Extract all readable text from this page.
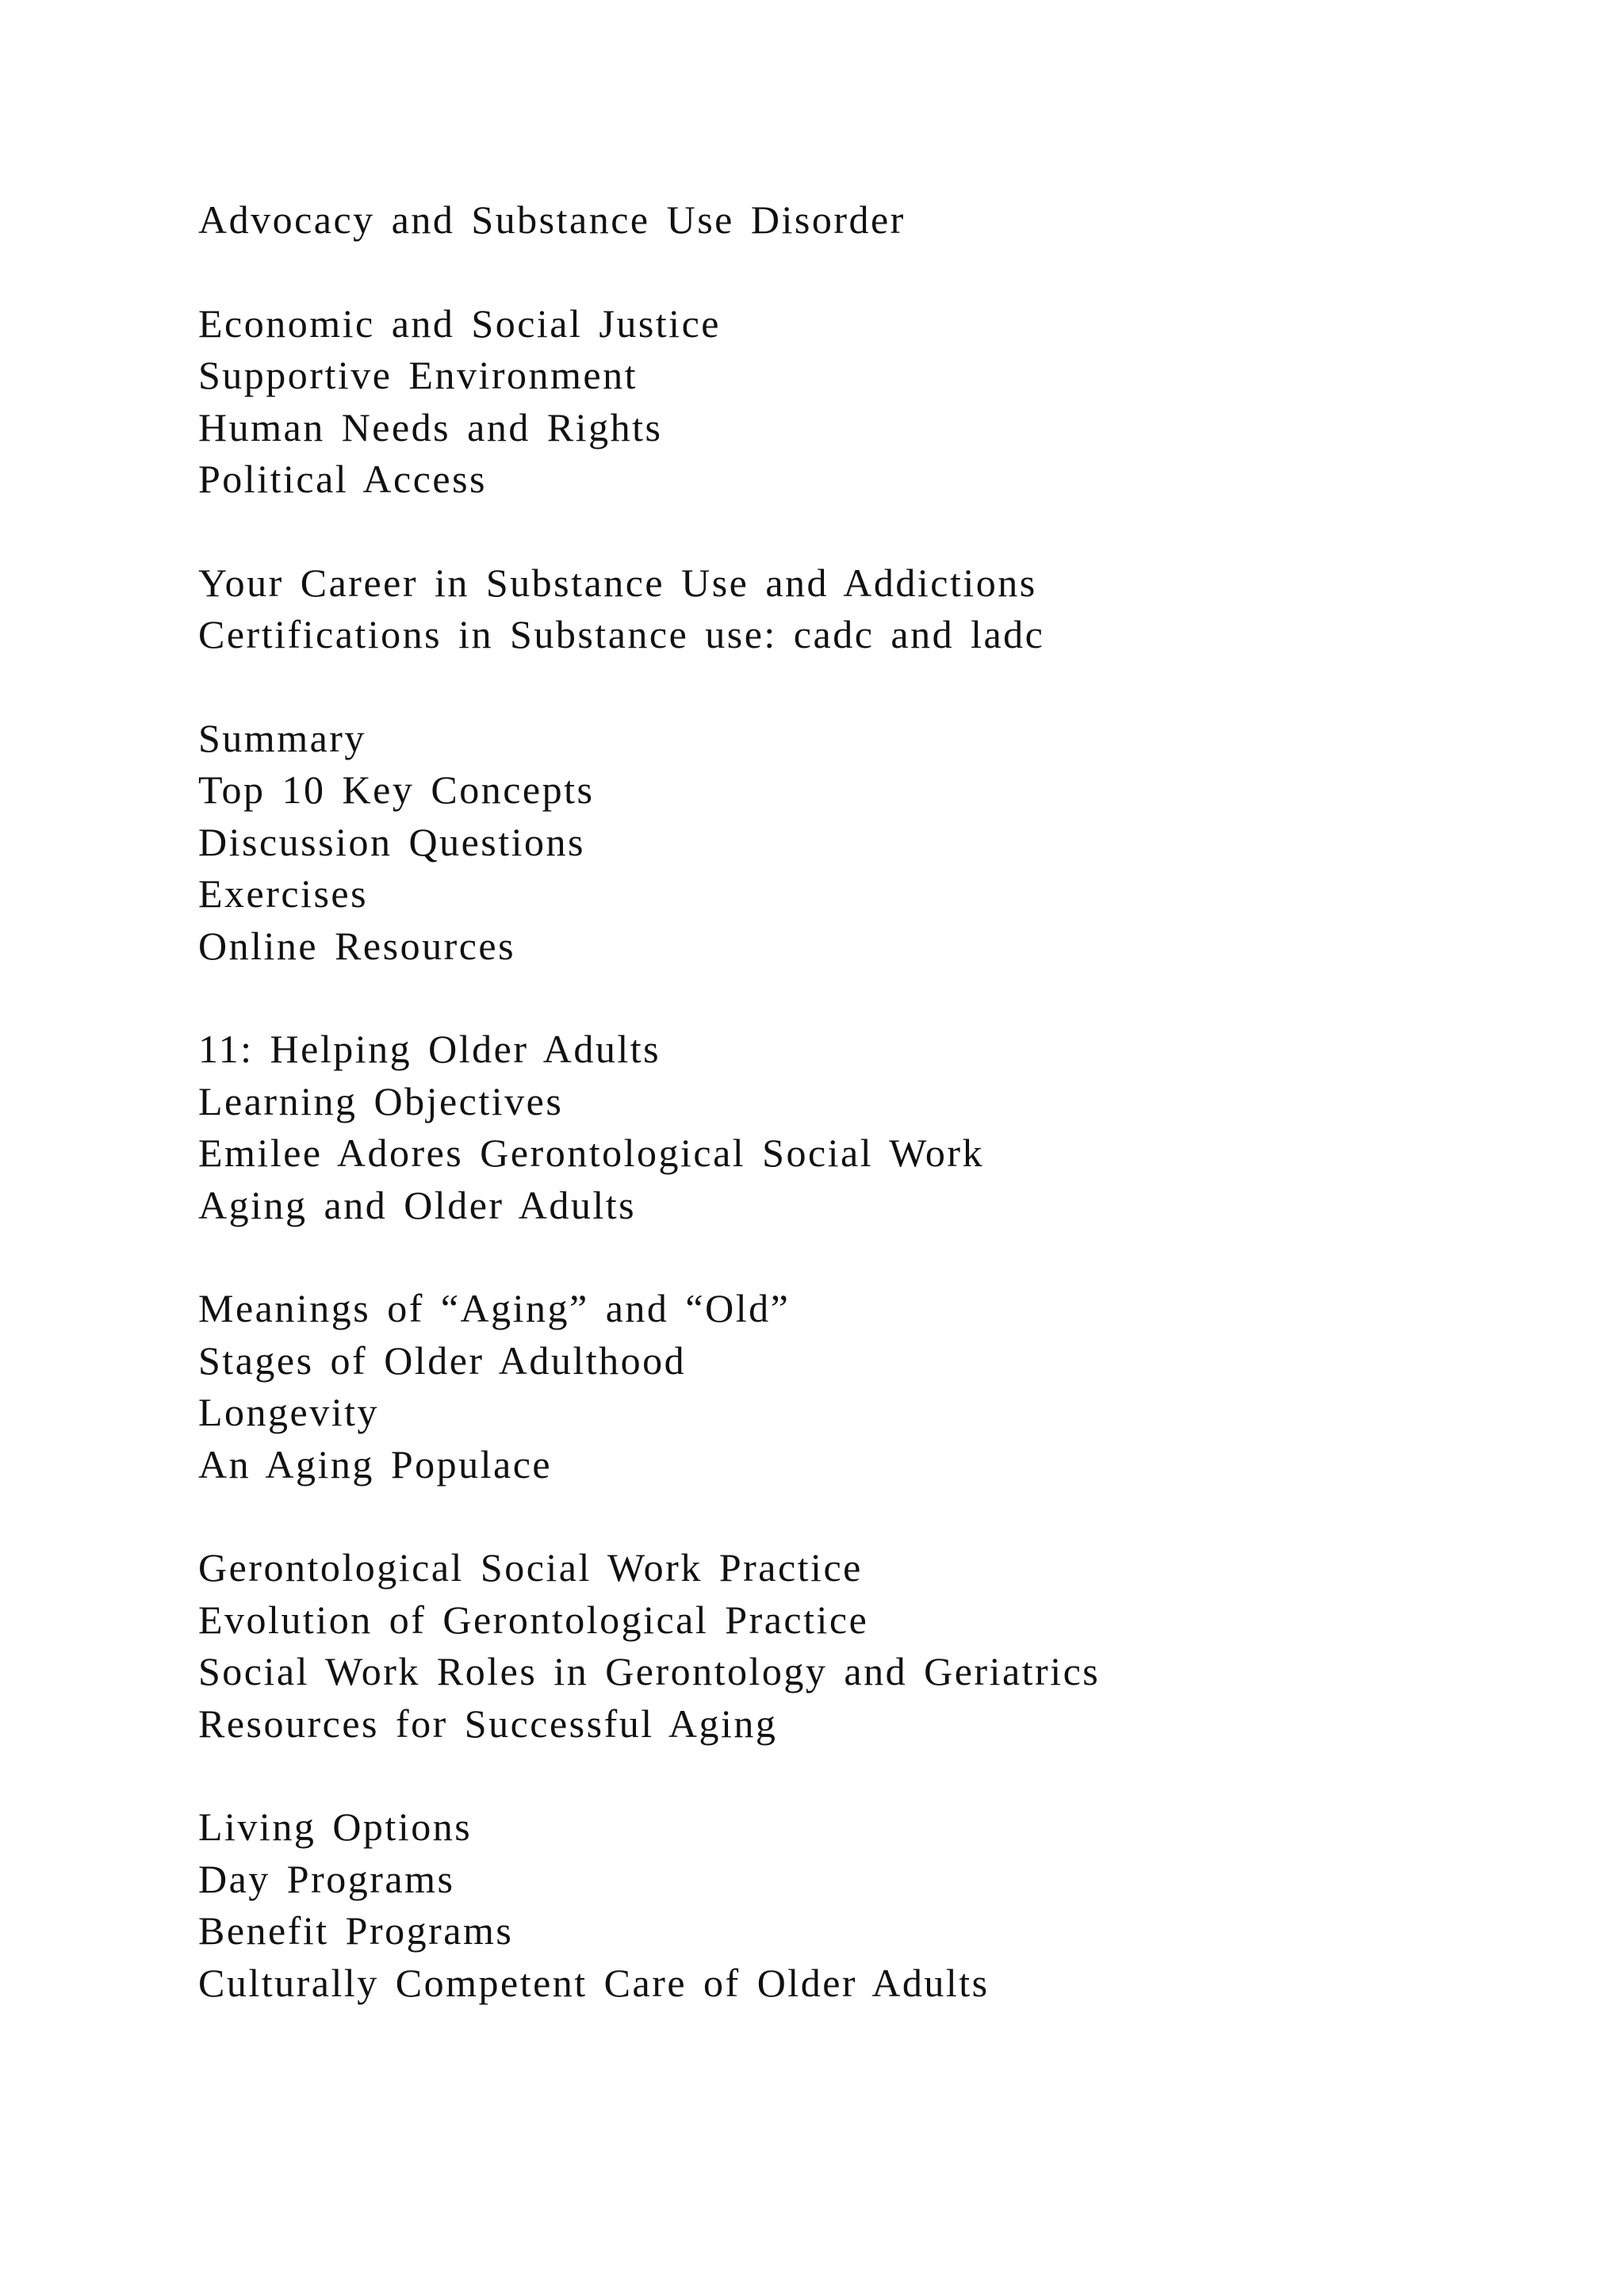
Advocacy and Substance Use Disorder
Economic and Social Justice
Supportive Environment
Human Needs and Rights
Political Access
Your Career in Substance Use and Addictions
Certifications in Substance use: cadc and ladc
Summary
Top 10 Key Concepts
Discussion Questions
Exercises
Online Resources
11: Helping Older Adults
Learning Objectives
Emilee Adores Gerontological Social Work
Aging and Older Adults
Meanings of “Aging” and “Old”
Stages of Older Adulthood
Longevity
An Aging Populace
Gerontological Social Work Practice
Evolution of Gerontological Practice
Social Work Roles in Gerontology and Geriatrics
Resources for Successful Aging
Living Options
Day Programs
Benefit Programs
Culturally Competent Care of Older Adults
